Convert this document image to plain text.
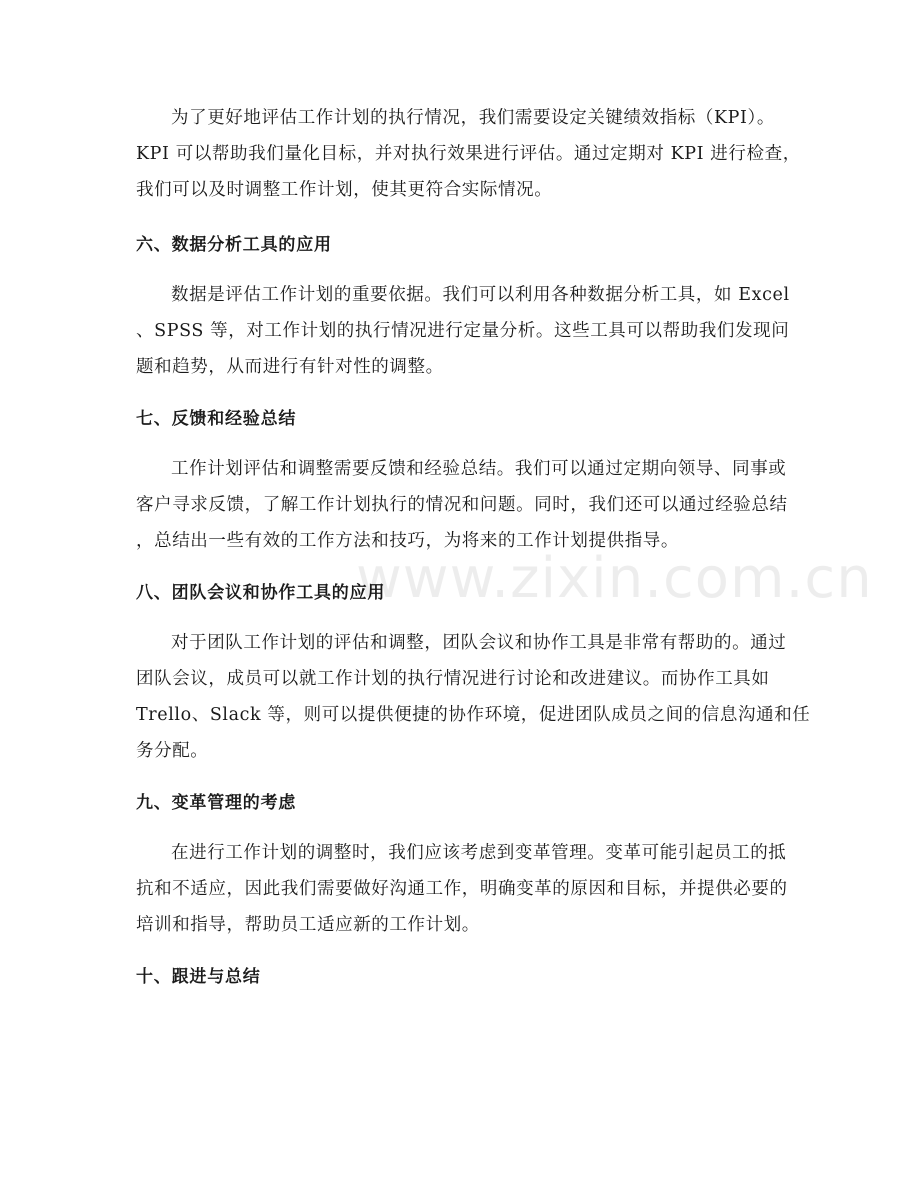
为了更好地评估工作计划的执行情况，我们需要设定关键绩效指标（KPI）。
KPI 可以帮助我们量化目标，并对执行效果进行评估。通过定期对 KPI 进行检查，
我们可以及时调整工作计划，使其更符合实际情况。

六、数据分析工具的应用

数据是评估工作计划的重要依据。我们可以利用各种数据分析工具，如 Excel
、SPSS 等，对工作计划的执行情况进行定量分析。这些工具可以帮助我们发现问
题和趋势，从而进行有针对性的调整。

七、反馈和经验总结

工作计划评估和调整需要反馈和经验总结。我们可以通过定期向领导、同事或
客户寻求反馈，了解工作计划执行的情况和问题。同时，我们还可以通过经验总结
，总结出一些有效的工作方法和技巧，为将来的工作计划提供指导。

八、团队会议和协作工具的应用

对于团队工作计划的评估和调整，团队会议和协作工具是非常有帮助的。通过
团队会议，成员可以就工作计划的执行情况进行讨论和改进建议。而协作工具如
Trello、Slack 等，则可以提供便捷的协作环境，促进团队成员之间的信息沟通和任
务分配。

九、变革管理的考虑

在进行工作计划的调整时，我们应该考虑到变革管理。变革可能引起员工的抵
抗和不适应，因此我们需要做好沟通工作，明确变革的原因和目标，并提供必要的
培训和指导，帮助员工适应新的工作计划。

十、跟进与总结
www.zixin.com.cn
